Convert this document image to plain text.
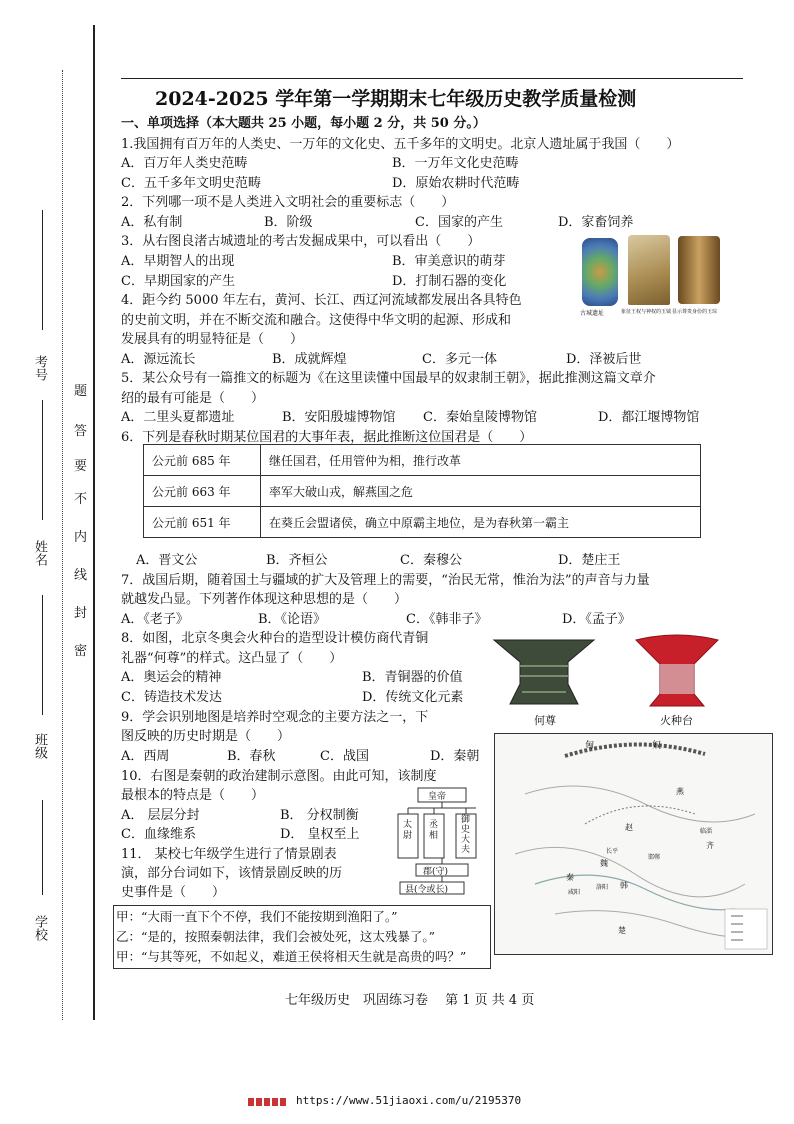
学校
班级
姓名
考号
密
封
线
内
不
要
答
题
2024-2025 学年第一学期期末七年级历史教学质量检测
一、单项选择（本大题共 25 小题，每小题 2 分，共 50 分。）
1.我国拥有百万年的人类史、一万年的文化史、五千多年的文明史。北京人遗址属于我国（　　）
A．百万年人类史范畴	B．一万年文化史范畴
C．五千多年文明史范畴	D．原始农耕时代范畴
2．下列哪一项不是人类进入文明社会的重要标志（　　）
A．私有制	B．阶级	C．国家的产生	D．家畜饲养
3．从右图良渚古城遗址的考古发掘成果中，可以看出（　　）
A．早期智人的出现	B．审美意识的萌芽
C．早期国家的产生	D．打制石器的变化
古城遗址	象征王权与神权的玉钺 显示尊贵身份的玉琮
4．距今约 5000 年左右，黄河、长江、西辽河流域都发展出各具特色
的史前文明，并在不断交流和融合。这使得中华文明的起源、形成和
发展具有的明显特征是（　　）
A．源远流长	B．成就辉煌	C．多元一体	D．泽被后世
5．某公众号有一篇推文的标题为《在这里读懂中国最早的奴隶制王朝》，据此推测这篇文章介
绍的最有可能是（　　）
A．二里头夏都遗址	B．安阳殷墟博物馆 C．秦始皇陵博物馆	D．都江堰博物馆
6．下列是春秋时期某位国君的大事年表，据此推断这位国君是（　　）
公元前 685 年	继任国君，任用管仲为相，推行改革
公元前 663 年	率军大破山戎，解燕国之危
公元前 651 年	在葵丘会盟诸侯，确立中原霸主地位，是为春秋第一霸主
A．晋文公	B．齐桓公	C．秦穆公	D．楚庄王
7．战国后期，随着国土与疆域的扩大及管理上的需要，“治民无常，惟治为法”的声音与力量
就越发凸显。下列著作体现这种思想的是（　　）
A．《老子》	B．《论语》	C．《韩非子》	D．《孟子》
8．如图，北京冬奥会火种台的造型设计模仿商代青铜
礼器“何尊”的样式。这凸显了（　　）
A．奥运会的精神	B．青铜器的价值
C．铸造技术发达	D．传统文化元素
何尊	火种台
9．学会识别地图是培养时空观念的主要方法之一，下
图反映的历史时期是（　　）
A．西周	B．春秋	C．战国	D．秦朝
匈	奴
燕
赵
齐
魏
韩
秦
楚
咸阳
洛阳
长平
邯郸
临淄
10．右图是秦朝的政治建制示意图。由此可知，该制度
最根本的特点是（　　）
A． 层层分封	B． 分权制衡
C．血缘维系	D． 皇权至上
皇帝
太尉
丞相
御史大夫
郡(守)
县(令或长)
11． 某校七年级学生进行了情景剧表
演，部分台词如下，该情景剧反映的历
史事件是（　　）
甲：“大雨一直下个不停，我们不能按期到渔阳了。”
乙：“是的，按照秦朝法律，我们会被处死，这太残暴了。”
甲：“与其等死，不如起义，难道王侯将相天生就是高贵的吗？”
七年级历史　巩固练习卷　 第 1 页 共 4 页
https://www.51jiaoxi.com/u/2195370
